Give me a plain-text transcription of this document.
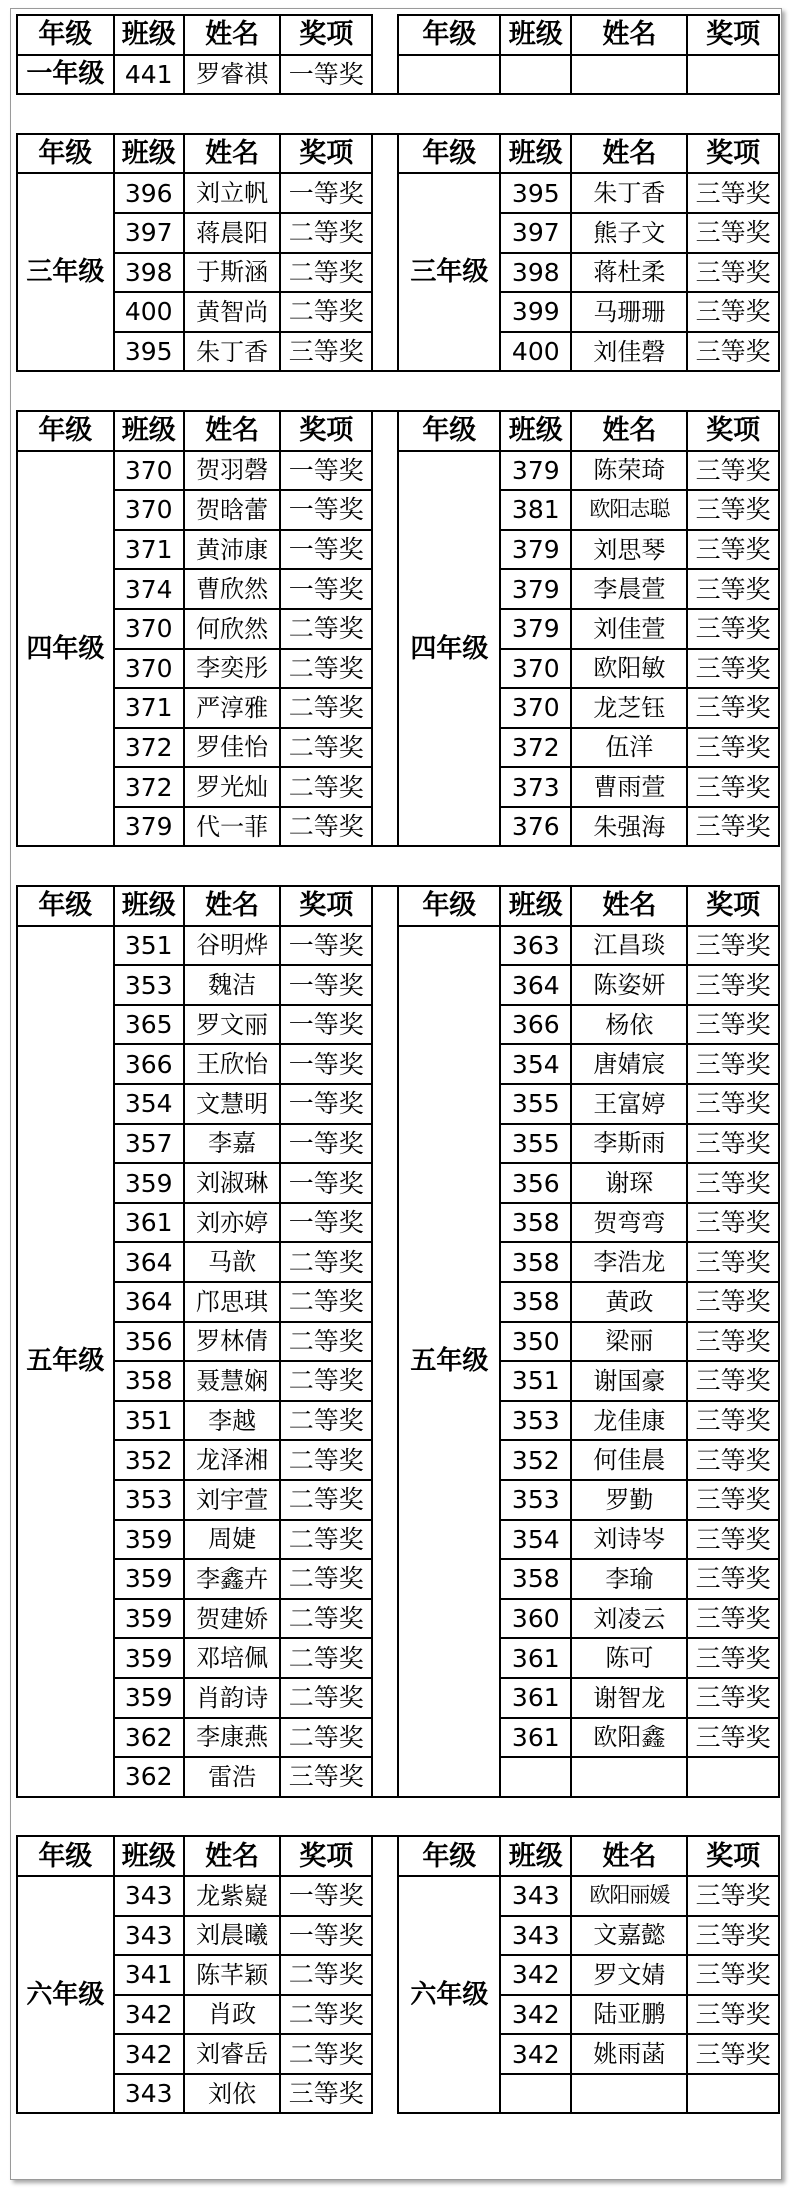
年级	班级	姓名	奖项		年级	班级	姓名	奖项
一年级	441	罗睿祺	一等奖					

年级	班级	姓名	奖项		年级	班级	姓名	奖项
三年级	396	刘立帆	一等奖		三年级	395	朱丁香	三等奖
	397	蒋晨阳	二等奖			397	熊子文	三等奖
	398	于斯涵	二等奖			398	蒋杜柔	三等奖
	400	黄智尚	二等奖			399	马珊珊	三等奖
	395	朱丁香	三等奖			400	刘佳磬	三等奖

年级	班级	姓名	奖项		年级	班级	姓名	奖项
四年级	370	贺羽磬	一等奖		四年级	379	陈荣琦	三等奖
	370	贺晗蕾	一等奖			381	欧阳志聪	三等奖
	371	黄沛康	一等奖			379	刘思琴	三等奖
	374	曹欣然	一等奖			379	李晨萱	三等奖
	370	何欣然	二等奖			379	刘佳萱	三等奖
	370	李奕彤	二等奖			370	欧阳敏	三等奖
	371	严淳雅	二等奖			370	龙芝钰	三等奖
	372	罗佳怡	二等奖			372	伍洋	三等奖
	372	罗光灿	二等奖			373	曹雨萱	三等奖
	379	代一菲	二等奖			376	朱强海	三等奖

年级	班级	姓名	奖项		年级	班级	姓名	奖项
五年级	351	谷明烨	一等奖		五年级	363	江昌琰	三等奖
	353	魏洁	一等奖			364	陈姿妍	三等奖
	365	罗文丽	一等奖			366	杨依	三等奖
	366	王欣怡	一等奖			354	唐婧宸	三等奖
	354	文慧明	一等奖			355	王富婷	三等奖
	357	李嘉	一等奖			355	李斯雨	三等奖
	359	刘淑琳	一等奖			356	谢琛	三等奖
	361	刘亦婷	一等奖			358	贺弯弯	三等奖
	364	马歆	二等奖			358	李浩龙	三等奖
	364	邝思琪	二等奖			358	黄政	三等奖
	356	罗林倩	二等奖			350	梁丽	三等奖
	358	聂慧娴	二等奖			351	谢国豪	三等奖
	351	李越	二等奖			353	龙佳康	三等奖
	352	龙泽湘	二等奖			352	何佳晨	三等奖
	353	刘宇萱	二等奖			353	罗勤	三等奖
	359	周婕	二等奖			354	刘诗岑	三等奖
	359	李鑫卉	二等奖			358	李瑜	三等奖
	359	贺建娇	二等奖			360	刘凌云	三等奖
	359	邓培佩	二等奖			361	陈可	三等奖
	359	肖韵诗	二等奖			361	谢智龙	三等奖
	362	李康燕	二等奖			361	欧阳鑫	三等奖
	362	雷浩	三等奖					

年级	班级	姓名	奖项		年级	班级	姓名	奖项
六年级	343	龙紫嶷	一等奖		六年级	343	欧阳丽媛	三等奖
	343	刘晨曦	一等奖			343	文嘉懿	三等奖
	341	陈芊颖	二等奖			342	罗文婧	三等奖
	342	肖政	二等奖			342	陆亚鹏	三等奖
	342	刘睿岳	二等奖			342	姚雨菡	三等奖
	343	刘依	三等奖					
